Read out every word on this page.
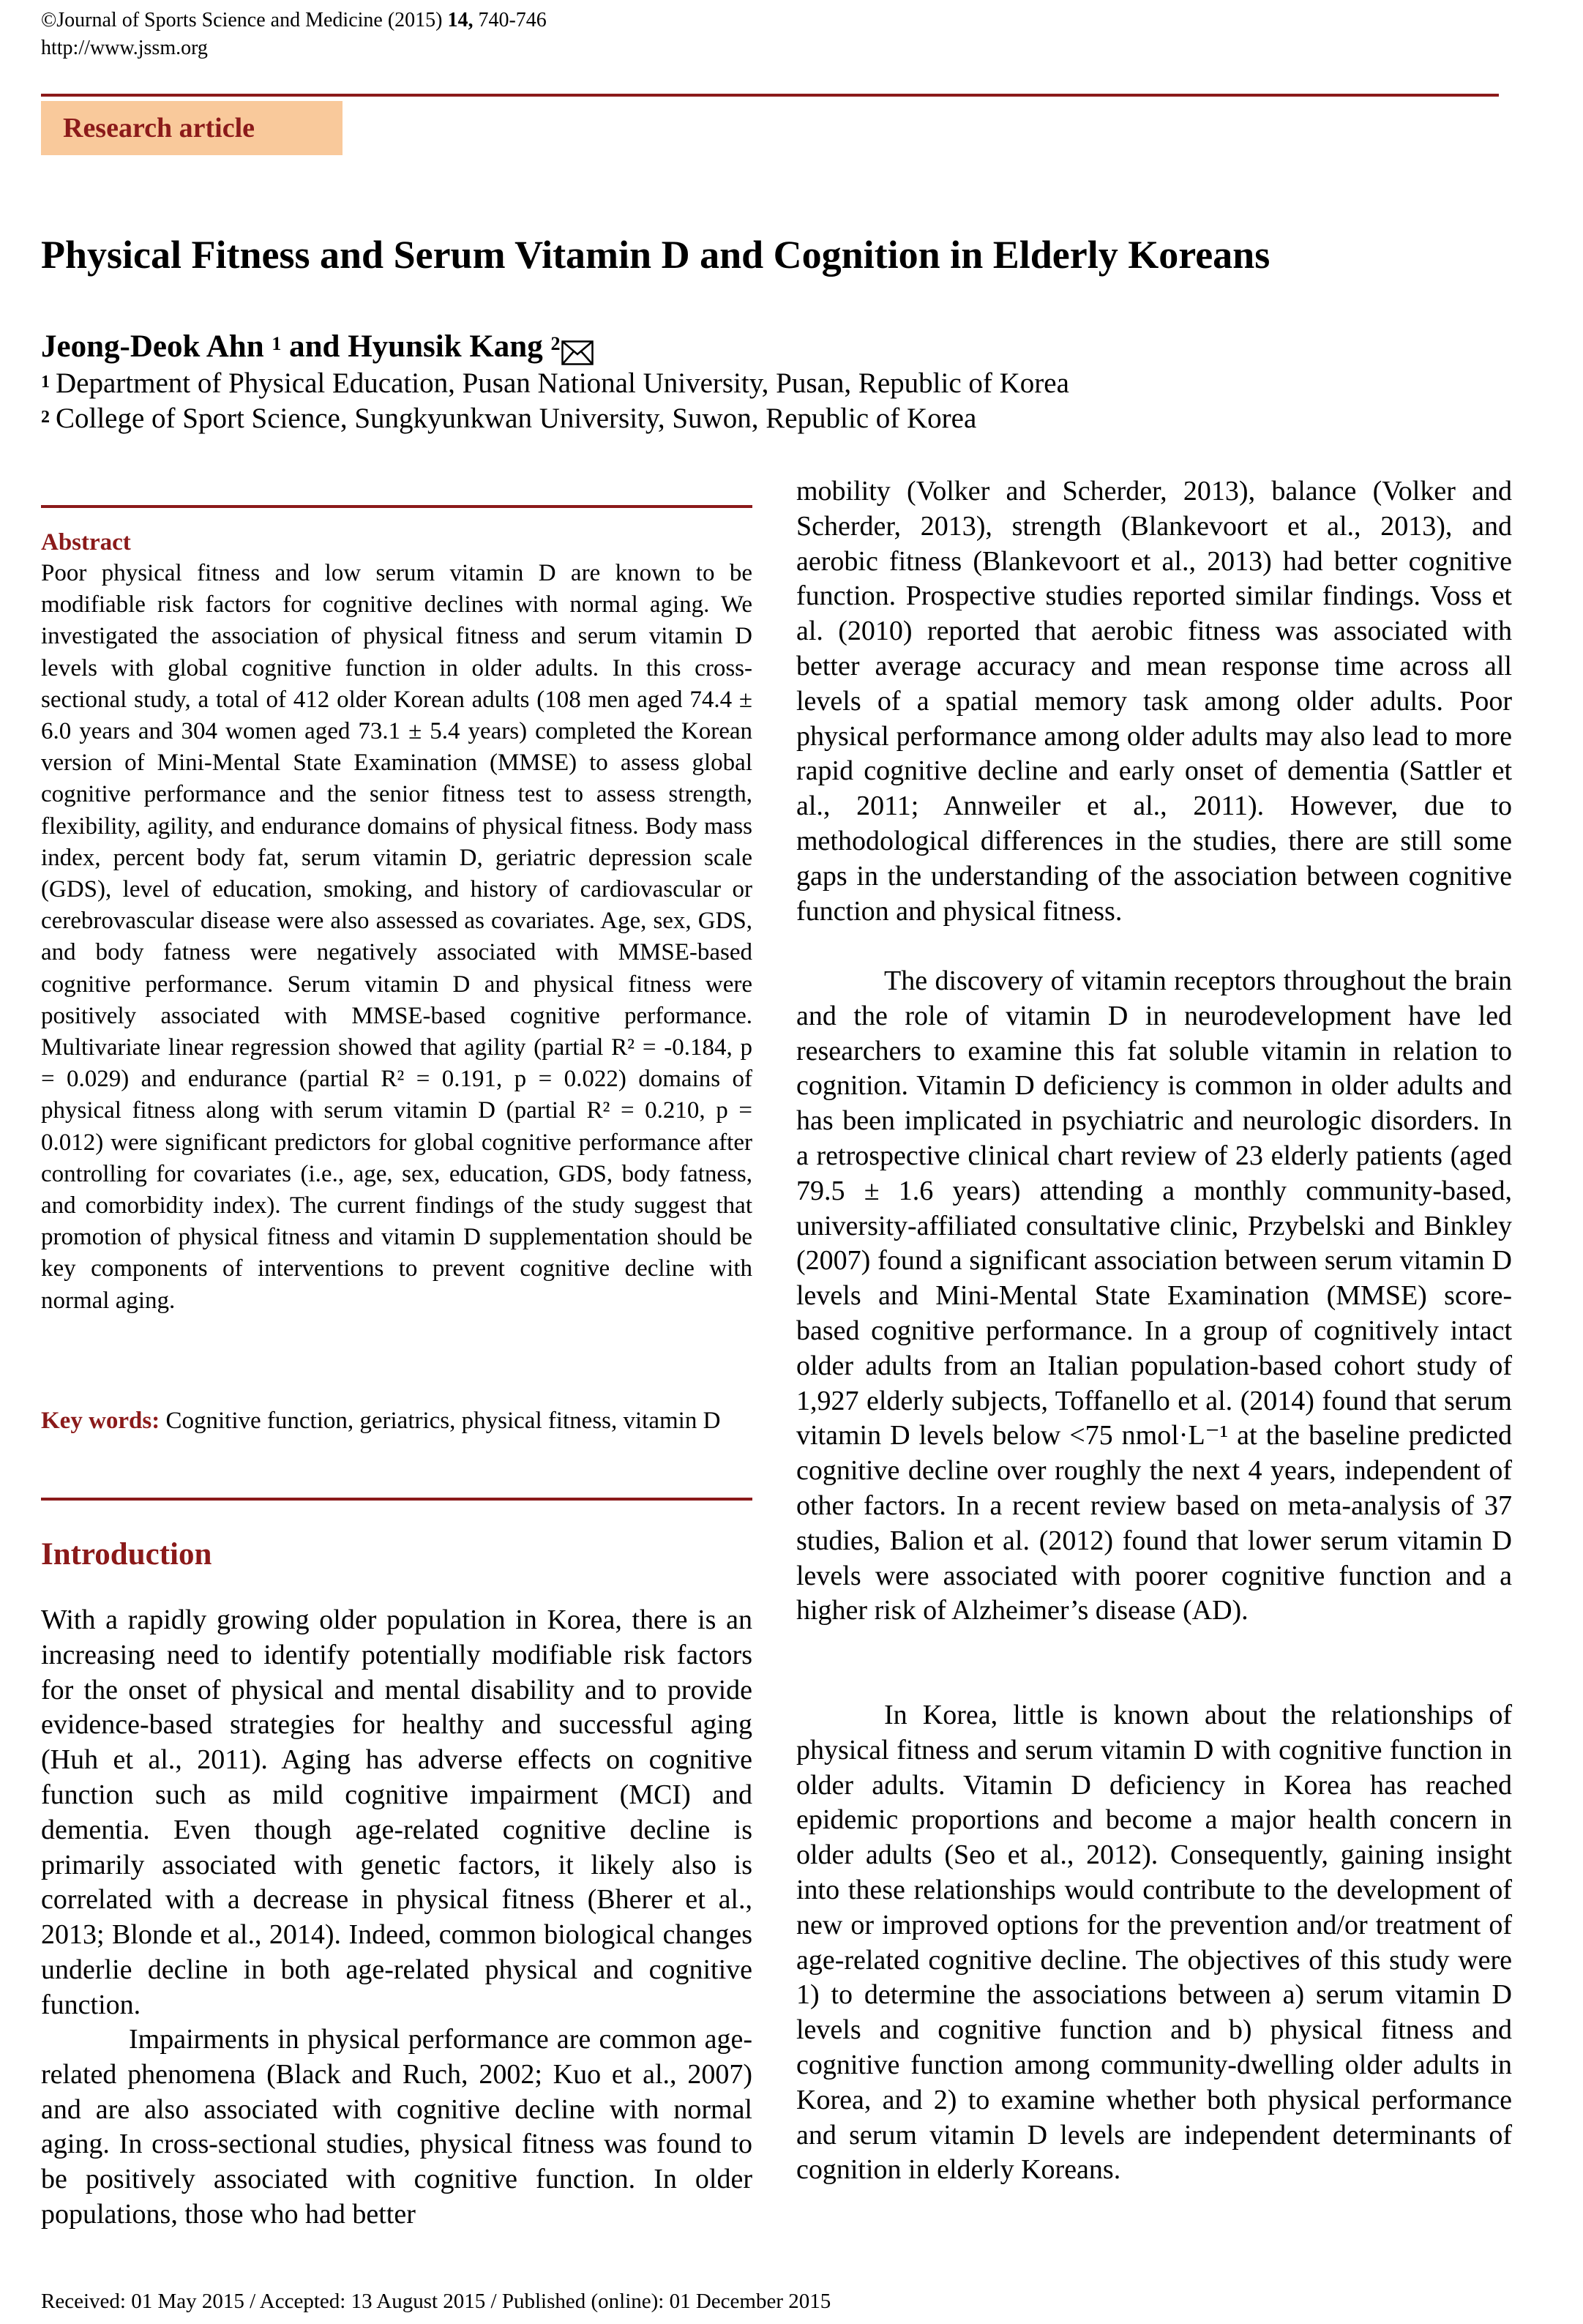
©Journal of Sports Science and Medicine (2015) 14, 740-746
http://www.jssm.org
Research article
Physical Fitness and Serum Vitamin D and Cognition in Elderly Koreans
Jeong-Deok Ahn $^1$ and Hyunsik Kang $^2$
$^1$ Department of Physical Education, Pusan National University, Pusan, Republic of Korea
$^2$ College of Sport Science, Sungkyunkwan University, Suwon, Republic of Korea
Abstract

Poor physical fitness and low serum vitamin D are known to be modifiable risk factors for cognitive declines with normal aging. We investigated the association of physical fitness and serum vitamin D levels with global cognitive function in older adults. In this cross-sectional study, a total of 412 older Korean adults (108 men aged 74.4 ± 6.0 years and 304 women aged 73.1 ± 5.4 years) completed the Korean version of Mini-Mental State Examination (MMSE) to assess global cognitive performance and the senior fitness test to assess strength, flexibility, agility, and endurance domains of physical fitness. Body mass index, percent body fat, serum vitamin D, geriatric depression scale (GDS), level of education, smoking, and history of cardiovascular or cerebrovascular disease were also assessed as covariates. Age, sex, GDS, and body fatness were negatively associated with MMSE-based cognitive performance. Serum vitamin D and physical fitness were positively associated with MMSE-based cognitive performance. Multivariate linear regression showed that agility (partial R² = -0.184, p = 0.029) and endurance (partial R² = 0.191, p = 0.022) domains of physical fitness along with serum vitamin D (partial R² = 0.210, p = 0.012) were significant predictors for global cognitive performance after controlling for covariates (i.e., age, sex, education, GDS, body fatness, and comorbidity index). The current findings of the study suggest that promotion of physical fitness and vitamin D supplementation should be key components of interventions to prevent cognitive decline with normal aging.

Key words: Cognitive function, geriatrics, physical fitness, vitamin D

Introduction

With a rapidly growing older population in Korea, there is an increasing need to identify potentially modifiable risk factors for the onset of physical and mental disability and to provide evidence-based strategies for healthy and successful aging (Huh et al., 2011). Aging has adverse effects on cognitive function such as mild cognitive impairment (MCI) and dementia. Even though age-related cognitive decline is primarily associated with genetic factors, it likely also is correlated with a decrease in physical fitness (Bherer et al., 2013; Blonde et al., 2014). Indeed, common biological changes underlie decline in both age-related physical and cognitive function.

Impairments in physical performance are common age-related phenomena (Black and Ruch, 2002; Kuo et al., 2007) and are also associated with cognitive decline with normal aging. In cross-sectional studies, physical fitness was found to be positively associated with cognitive function. In older populations, those who had better

mobility (Volker and Scherder, 2013), balance (Volker and Scherder, 2013), strength (Blankevoort et al., 2013), and aerobic fitness (Blankevoort et al., 2013) had better cognitive function. Prospective studies reported similar findings. Voss et al. (2010) reported that aerobic fitness was associated with better average accuracy and mean response time across all levels of a spatial memory task among older adults. Poor physical performance among older adults may also lead to more rapid cognitive decline and early onset of dementia (Sattler et al., 2011; Annweiler et al., 2011). However, due to methodological differences in the studies, there are still some gaps in the understanding of the association between cognitive function and physical fitness.

The discovery of vitamin receptors throughout the brain and the role of vitamin D in neurodevelopment have led researchers to examine this fat soluble vitamin in relation to cognition. Vitamin D deficiency is common in older adults and has been implicated in psychiatric and neurologic disorders. In a retrospective clinical chart review of 23 elderly patients (aged 79.5 ± 1.6 years) attending a monthly community-based, university-affiliated consultative clinic, Przybelski and Binkley (2007) found a significant association between serum vitamin D levels and Mini-Mental State Examination (MMSE) score-based cognitive performance. In a group of cognitively intact older adults from an Italian population-based cohort study of 1,927 elderly subjects, Toffanello et al. (2014) found that serum vitamin D levels below <75 nmol·L⁻¹ at the baseline predicted cognitive decline over roughly the next 4 years, independent of other factors. In a recent review based on meta-analysis of 37 studies, Balion et al. (2012) found that lower serum vitamin D levels were associated with poorer cognitive function and a higher risk of Alzheimer’s disease (AD).

In Korea, little is known about the relationships of physical fitness and serum vitamin D with cognitive function in older adults. Vitamin D deficiency in Korea has reached epidemic proportions and become a major health concern in older adults (Seo et al., 2012). Consequently, gaining insight into these relationships would contribute to the development of new or improved options for the prevention and/or treatment of age-related cognitive decline. The objectives of this study were 1) to determine the associations between a) serum vitamin D levels and cognitive function and b) physical fitness and cognitive function among community-dwelling older adults in Korea, and 2) to examine whether both physical performance and serum vitamin D levels are independent determinants of cognition in elderly Koreans.

Received: 01 May 2015 / Accepted: 13 August 2015 / Published (online): 01 December 2015
